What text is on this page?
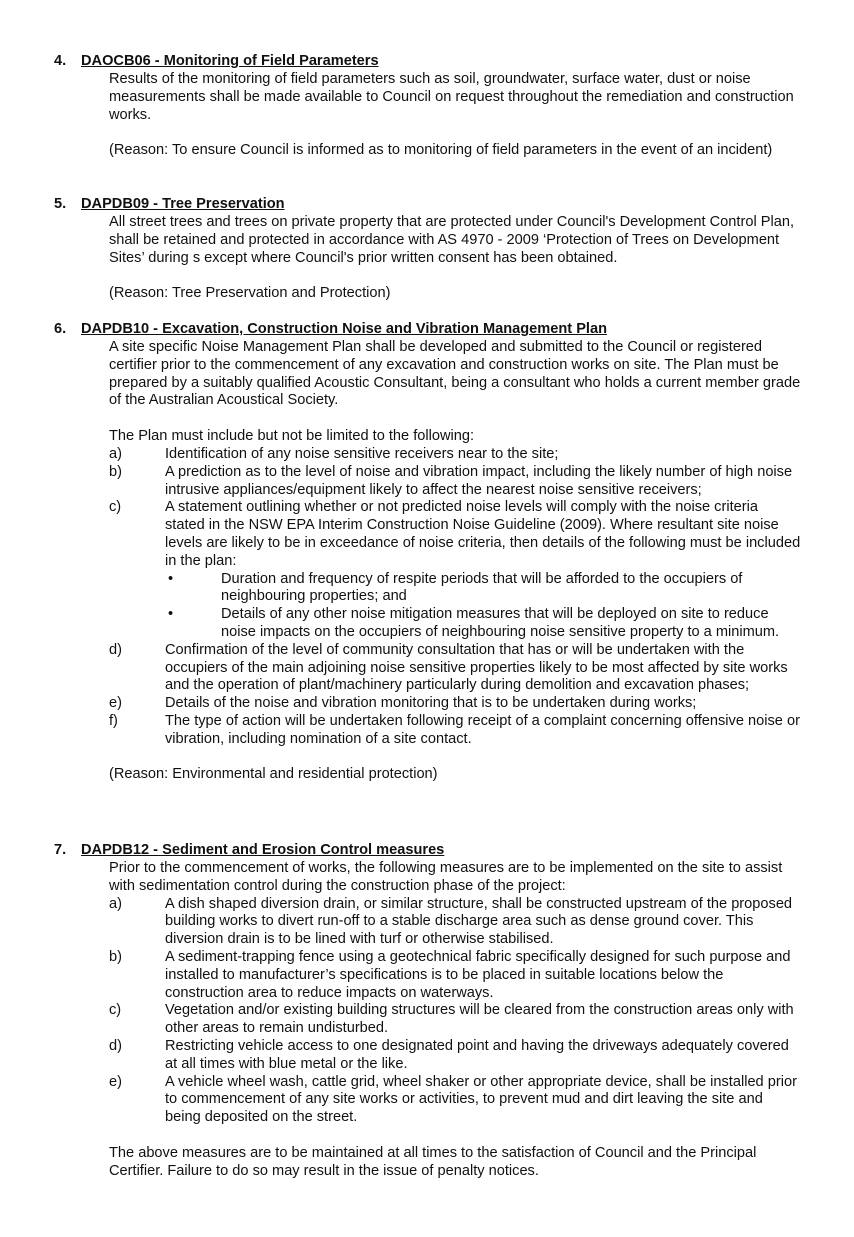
4. DAOCB06 - Monitoring of Field Parameters

Results of the monitoring of field parameters such as soil, groundwater, surface water, dust or noise measurements shall be made available to Council on request throughout the remediation and construction works.

(Reason: To ensure Council is informed as to monitoring of field parameters in the event of an incident)

5. DAPDB09 - Tree Preservation

All street trees and trees on private property that are protected under Council's Development Control Plan, shall be retained and protected in accordance with AS 4970 - 2009 ‘Protection of Trees on Development Sites’ during s except where Council's prior written consent has been obtained.

(Reason: Tree Preservation and Protection)

6. DAPDB10 - Excavation, Construction Noise and Vibration Management Plan

A site specific Noise Management Plan shall be developed and submitted to the Council or registered certifier prior to the commencement of any excavation and construction works on site. The Plan must be prepared by a suitably qualified Acoustic Consultant, being a consultant who holds a current member grade of the Australian Acoustical Society.

The Plan must include but not be limited to the following:

a)	Identification of any noise sensitive receivers near to the site;
b)	A prediction as to the level of noise and vibration impact, including the likely number of high noise intrusive appliances/equipment likely to affect the nearest noise sensitive receivers;
c)	A statement outlining whether or not predicted noise levels will comply with the noise criteria stated in the NSW EPA Interim Construction Noise Guideline (2009). Where resultant site noise levels are likely to be in exceedance of noise criteria, then details of the following must be included in the plan:
•	Duration and frequency of respite periods that will be afforded to the occupiers of neighbouring properties; and
•	Details of any other noise mitigation measures that will be deployed on site to reduce noise impacts on the occupiers of neighbouring noise sensitive property to a minimum.
d)	Confirmation of the level of community consultation that has or will be undertaken with the occupiers of the main adjoining noise sensitive properties likely to be most affected by site works and the operation of plant/machinery particularly during demolition and excavation phases;
e)	Details of the noise and vibration monitoring that is to be undertaken during works;
f)	The type of action will be undertaken following receipt of a complaint concerning offensive noise or vibration, including nomination of a site contact.

(Reason: Environmental and residential protection)

7. DAPDB12 - Sediment and Erosion Control measures

Prior to the commencement of works, the following measures are to be implemented on the site to assist with sedimentation control during the construction phase of the project:

a)	A dish shaped diversion drain, or similar structure, shall be constructed upstream of the proposed building works to divert run-off to a stable discharge area such as dense ground cover. This diversion drain is to be lined with turf or otherwise stabilised.
b)	A sediment-trapping fence using a geotechnical fabric specifically designed for such purpose and installed to manufacturer’s specifications is to be placed in suitable locations below the construction area to reduce impacts on waterways.
c)	Vegetation and/or existing building structures will be cleared from the construction areas only with other areas to remain undisturbed.
d)	Restricting vehicle access to one designated point and having the driveways adequately covered at all times with blue metal or the like.
e)	A vehicle wheel wash, cattle grid, wheel shaker or other appropriate device, shall be installed prior to commencement of any site works or activities, to prevent mud and dirt leaving the site and being deposited on the street.

The above measures are to be maintained at all times to the satisfaction of Council and the Principal Certifier. Failure to do so may result in the issue of penalty notices.
